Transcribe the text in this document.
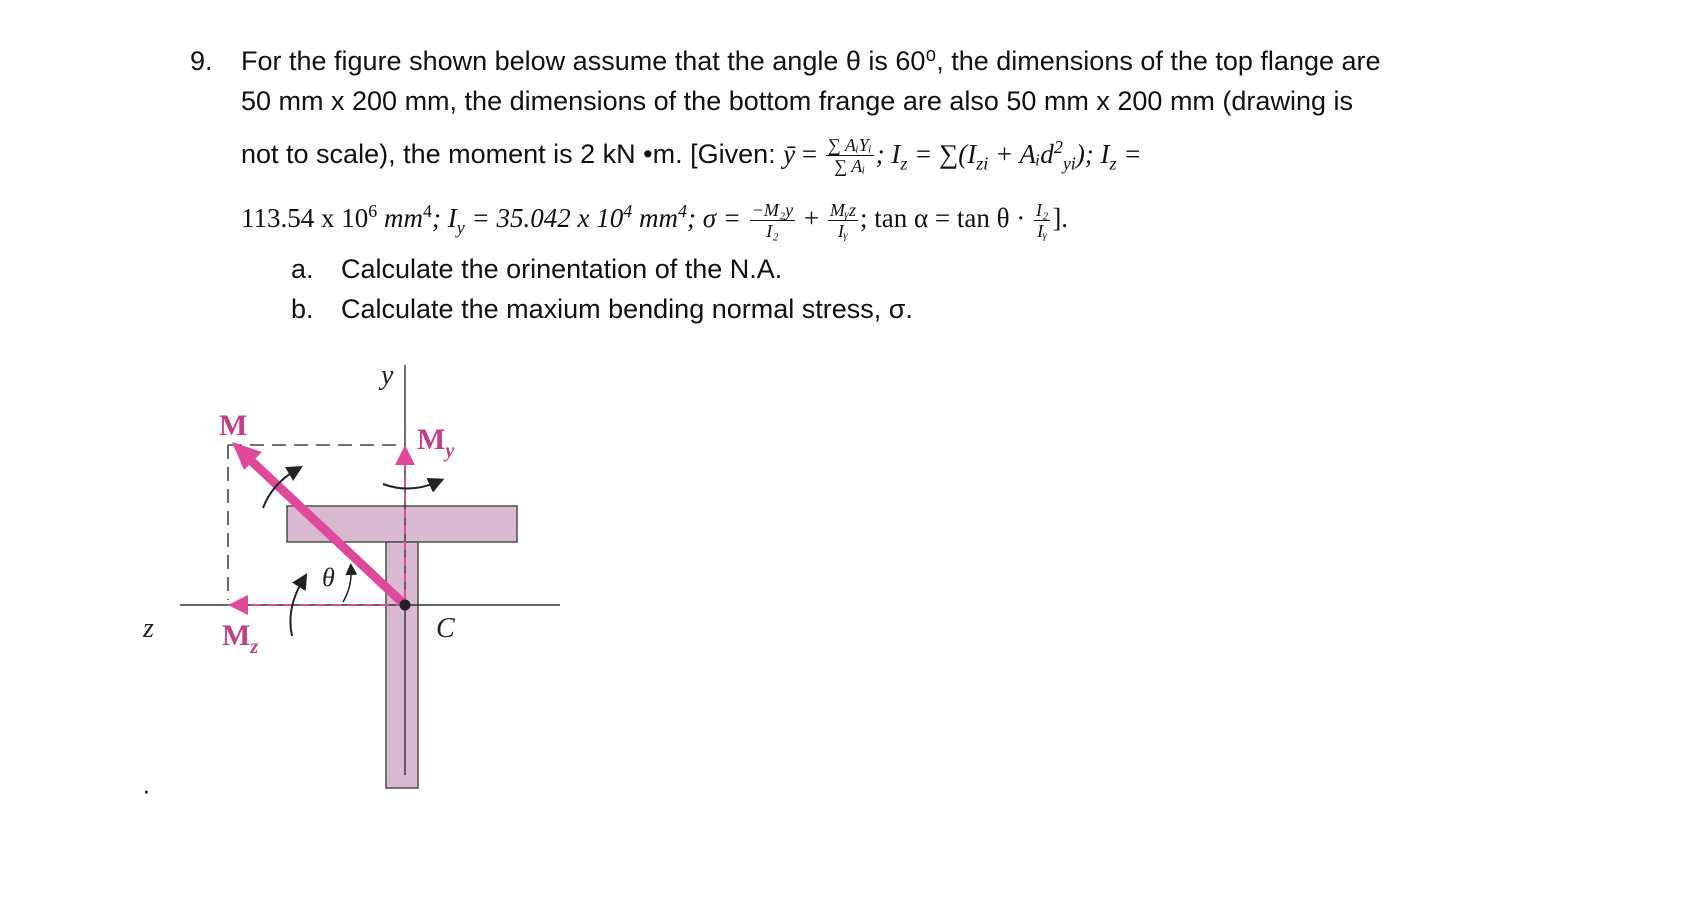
9. For the figure shown below assume that the angle θ is 60⁰, the dimensions of the top flange are
50 mm x 200 mm, the dimensions of the bottom frange are also 50 mm x 200 mm (drawing is
not to scale), the moment is 2 kN •m. [Given: ȳ = $\frac{\text{∑ AᵢYᵢ}}{\text{∑ Aᵢ}}$ ; $I_z = \sum(I_{zi}$ + Aᵢd$^2_{yi}$); $I_z$ =
113.54 x $10^6$ $mm^4$; $I_y = 35.042$ x $10^4$ $mm^4$; $\sigma = \frac{\text{−M₂y}}{\text{I₂}} + \frac{\text{Mᵧz}}{\text{Iᵧ}}$ ; $\tan \alpha = \tan \theta \cdot \frac{\text{I₂}}{\text{Iᵧ}}$ ].
a. Calculate the orinentation of the N.A.
b. Calculate the maxium bending normal stress, σ.
y
z
M	$M_y$
$M_z$
θ
C
·
